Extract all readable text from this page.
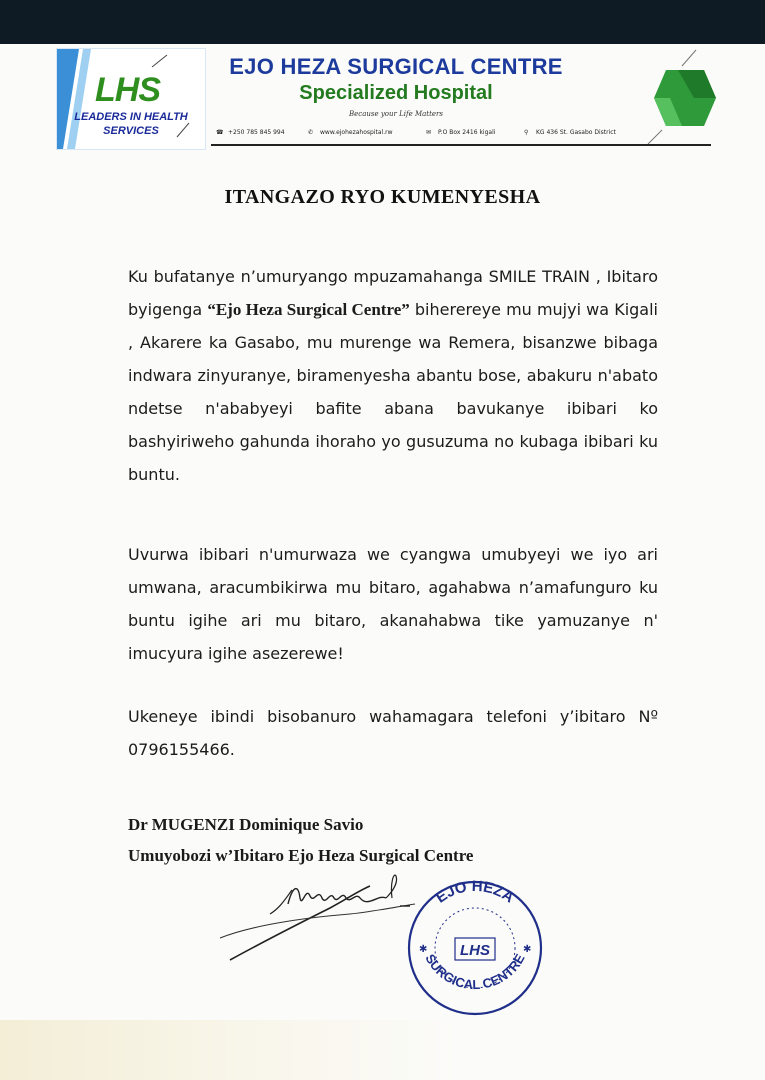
LHS
LEADERS IN HEALTH
SERVICES
EJO HEZA SURGICAL CENTRE
Specialized Hospital
Because your Life Matters
☎ +250 785 845 994	✆ www.ejohezahospital.rw	✉ P.O Box 2416 kigali	⚲ KG 436 St. Gasabo District
ITANGAZO RYO KUMENYESHA
Ku bufatanye n’umuryango mpuzamahanga SMILE TRAIN , Ibitaro byigenga “Ejo Heza Surgical Centre” biherereye mu mujyi wa Kigali , Akarere ka Gasabo, mu murenge wa Remera, bisanzwe bibaga indwara zinyuranye, biramenyesha abantu bose, abakuru n'abato ndetse n'ababyeyi bafite abana bavukanye ibibari ko bashyiriweho gahunda ihoraho yo gusuzuma no kubaga ibibari ku buntu.
Uvurwa ibibari n'umurwaza we cyangwa umubyeyi we iyo ari umwana, aracumbikirwa mu bitaro, agahabwa n’amafunguro ku buntu igihe ari mu bitaro, akanahabwa tike yamuzanye n' imucyura igihe asezerewe!
Ukeneye ibindi bisobanuro wahamagara telefoni y’ibitaro Nº 0796155466.
Dr MUGENZI Dominique Savio
Umuyobozi w’Ibitaro Ejo Heza Surgical Centre
EJO HEZA
SURGICAL CENTRE
LHS
✱	✱
